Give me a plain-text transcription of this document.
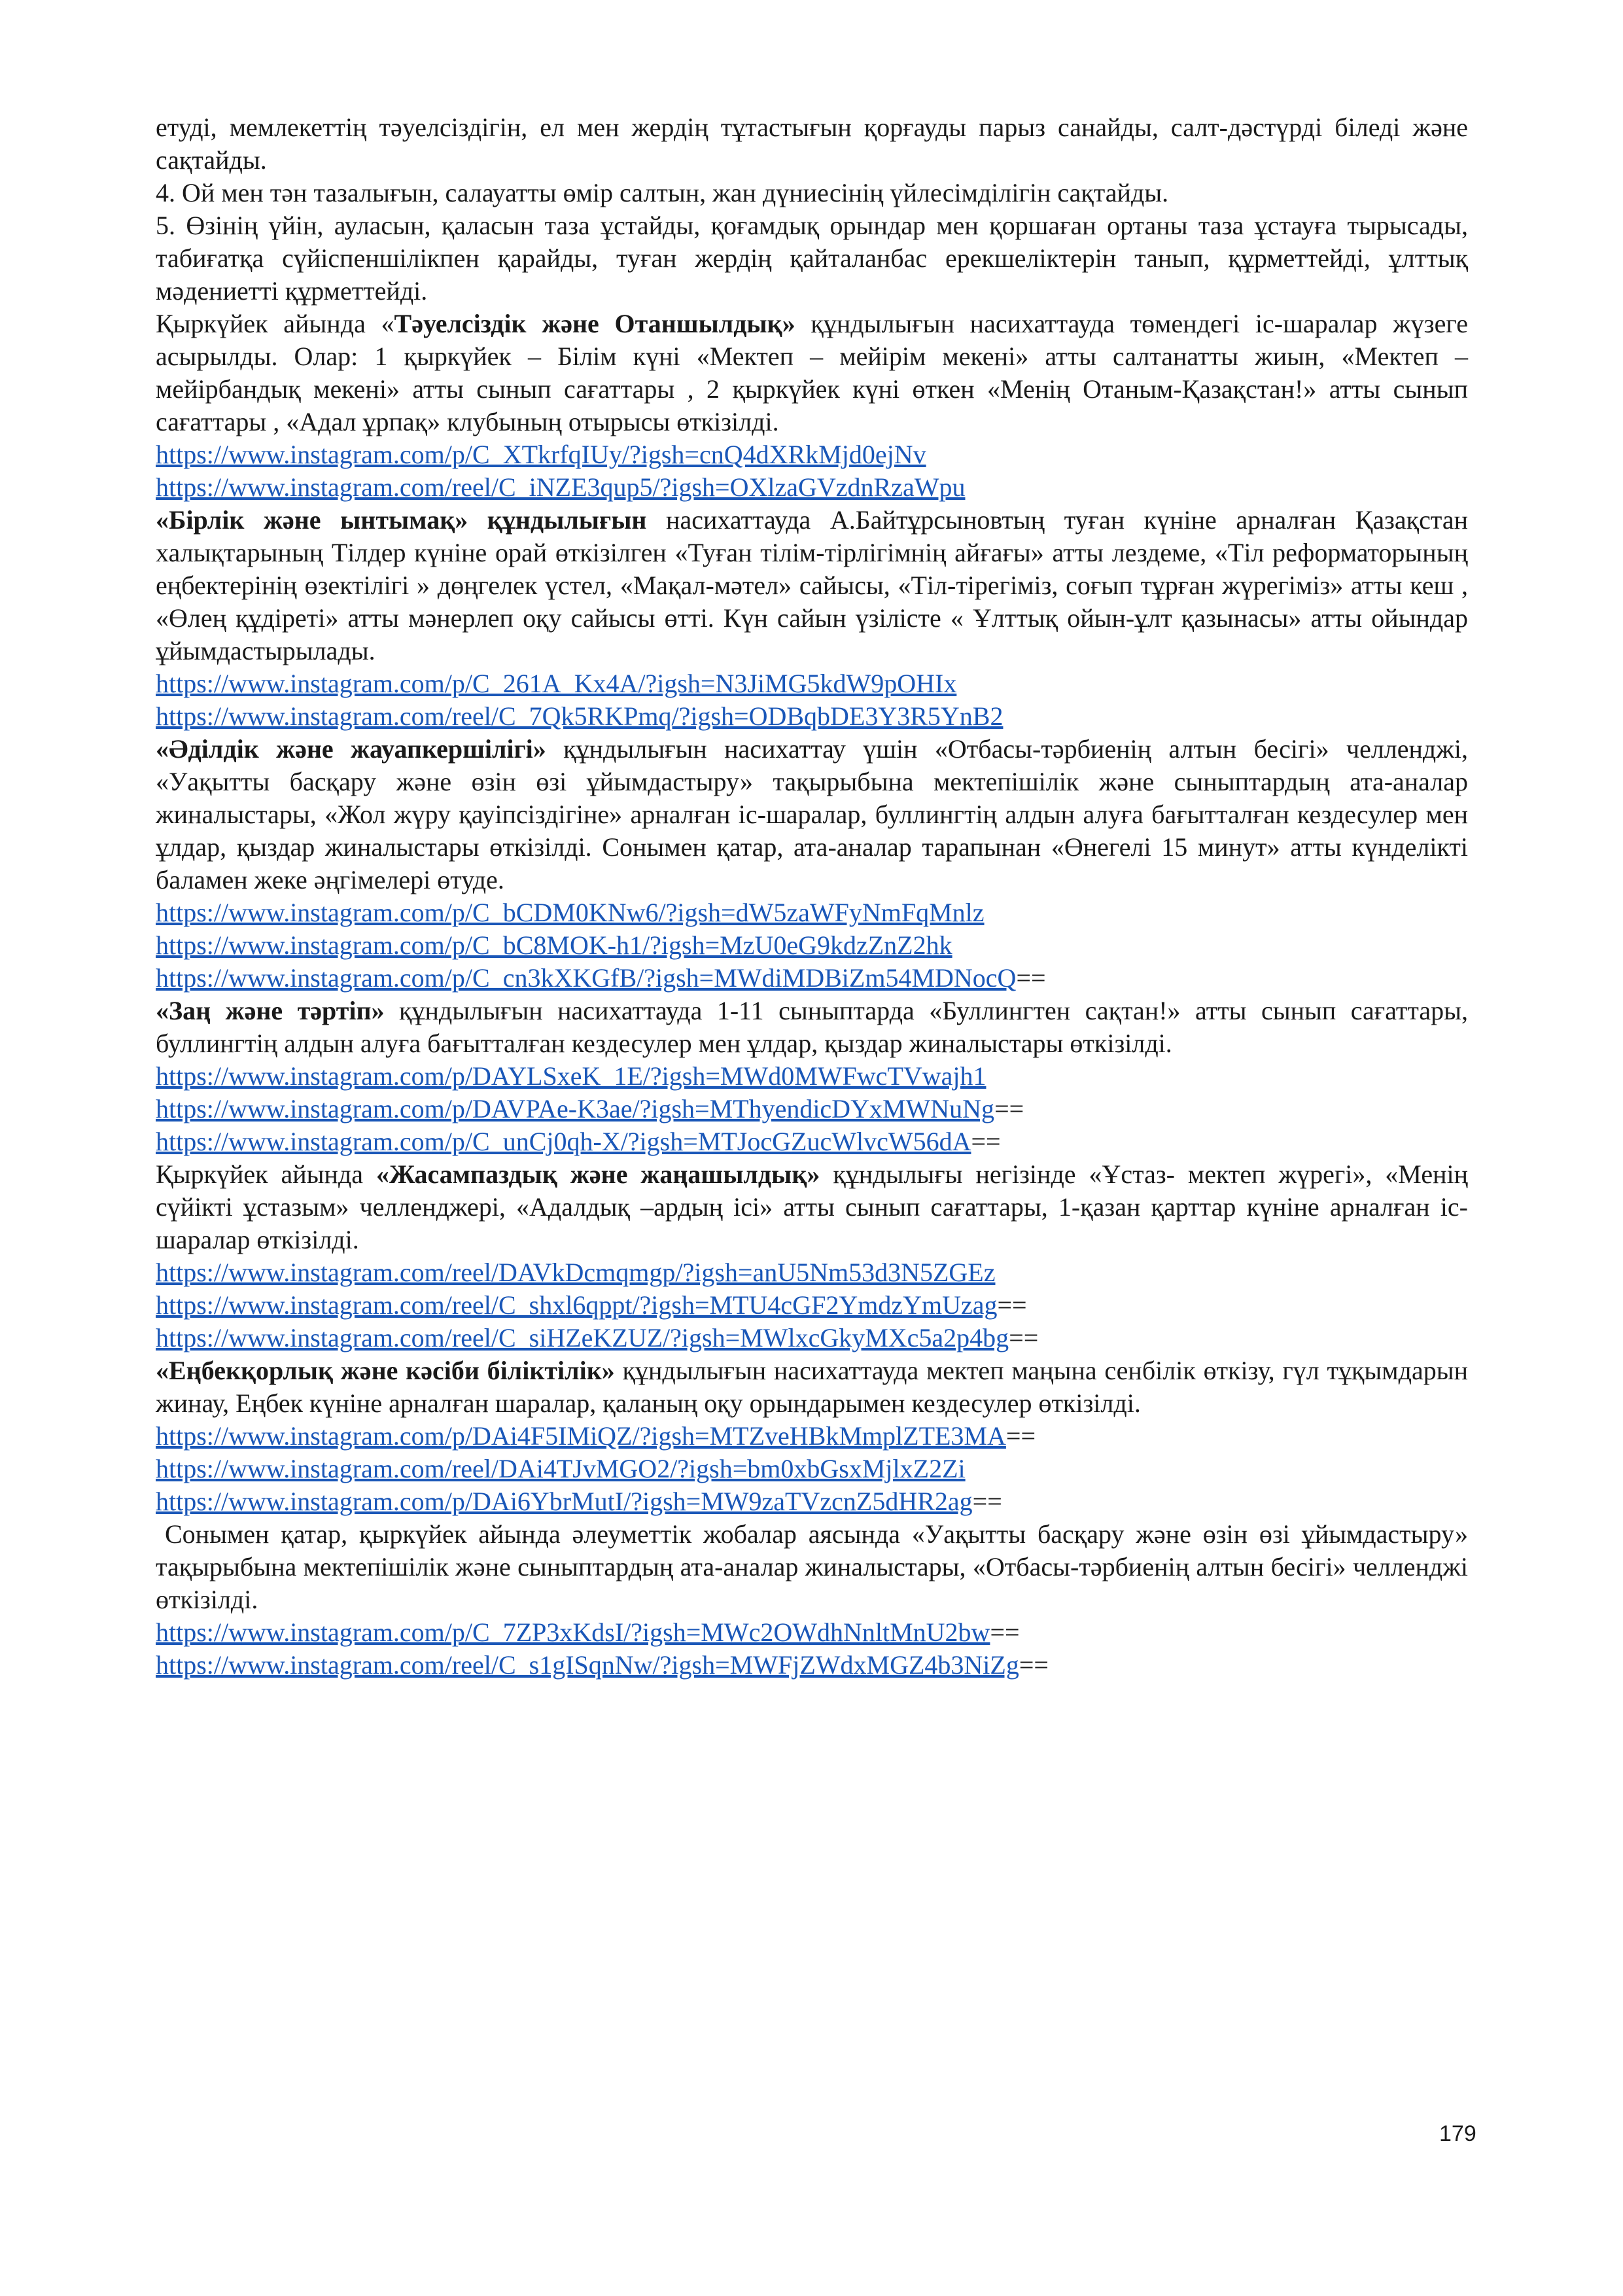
етуді, мемлекеттің тәуелсіздігін, ел мен жердің тұтастығын қорғауды парыз санайды, салт-дәстүрді біледі және сақтайды.

4. Ой мен тән тазалығын, салауатты өмір салтын, жан дүниесінің үйлесімділігін сақтайды.

5. Өзінің үйін, ауласын, қаласын таза ұстайды, қоғамдық орындар мен қоршаған ортаны таза ұстауға тырысады, табиғатқа сүйіспеншілікпен қарайды, туған жердің қайталанбас ерекшеліктерін танып, құрметтейді, ұлттық мәдениетті құрметтейді.

Қыркүйек айында «Тәуелсіздік және Отаншылдық» құндылығын насихаттауда төмендегі іс-шаралар жүзеге асырылды. Олар: 1 қыркүйек – Білім күні «Мектеп – мейірім мекені» атты салтанатты жиын, «Мектеп – мейірбандық мекені» атты сынып сағаттары , 2 қыркүйек күні өткен «Менің Отаным-Қазақстан!» атты сынып сағаттары , «Адал ұрпақ» клубының отырысы өткізілді.

https://www.instagram.com/p/C_XTkrfqIUy/?igsh=cnQ4dXRkMjd0ejNv
https://www.instagram.com/reel/C_iNZE3qup5/?igsh=OXlzaGVzdnRzaWpu

«Бірлік және ынтымақ» құндылығын насихаттауда А.Байтұрсыновтың туған күніне арналған Қазақстан халықтарының Тілдер күніне орай өткізілген «Туған тілім-тірлігімнің айғағы» атты лездеме, «Тіл реформаторының еңбектерінің өзектілігі » дөңгелек үстел, «Мақал-мәтел» сайысы, «Тіл-тірегіміз, соғып тұрған жүрегіміз» атты кеш , «Өлең құдіреті» атты мәнерлеп оқу сайысы өтті. Күн сайын үзілісте « Ұлттық ойын-ұлт қазынасы» атты ойындар ұйымдастырылады.

https://www.instagram.com/p/C_261A_Kx4A/?igsh=N3JiMG5kdW9pOHIx
https://www.instagram.com/reel/C_7Qk5RKPmq/?igsh=ODBqbDE3Y3R5YnB2

«Әділдік және жауапкершілігі» құндылығын насихаттау үшін «Отбасы-тәрбиенің алтын бесігі» челленджі, «Уақытты басқару және өзін өзі ұйымдастыру» тақырыбына мектепішілік және сыныптардың ата-аналар жиналыстары, «Жол жүру қауіпсіздігіне» арналған іс-шаралар, буллингтің алдын алуға бағытталған кездесулер мен ұлдар, қыздар жиналыстары өткізілді. Сонымен қатар, ата-аналар тарапынан «Өнегелі 15 минут» атты күнделікті баламен жеке әңгімелері өтуде.

https://www.instagram.com/p/C_bCDM0KNw6/?igsh=dW5zaWFyNmFqMnlz
https://www.instagram.com/p/C_bC8MOK-h1/?igsh=MzU0eG9kdzZnZ2hk
https://www.instagram.com/p/C_cn3kXKGfB/?igsh=MWdiMDBiZm54MDNocQ==

«Заң және тәртіп» құндылығын насихаттауда 1-11 сыныптарда «Буллингтен сақтан!» атты сынып сағаттары, буллингтің алдын алуға бағытталған кездесулер мен ұлдар, қыздар жиналыстары өткізілді.

https://www.instagram.com/p/DAYLSxeK_1E/?igsh=MWd0MWFwcTVwajh1
https://www.instagram.com/p/DAVPAe-K3ae/?igsh=MThyendicDYxMWNuNg==
https://www.instagram.com/p/C_unCj0qh-X/?igsh=MTJocGZucWlvcW56dA==

Қыркүйек айында «Жасампаздық және жаңашылдық» құндылығы негізінде «Ұстаз- мектеп жүрегі», «Менің сүйікті ұстазым» челленджері, «Адалдық –ардың ісі» атты сынып сағаттары, 1-қазан қарттар күніне арналған іс-шаралар өткізілді.

https://www.instagram.com/reel/DAVkDcmqmgp/?igsh=anU5Nm53d3N5ZGEz
https://www.instagram.com/reel/C_shxl6qppt/?igsh=MTU4cGF2YmdzYmUzag==
https://www.instagram.com/reel/C_siHZeKZUZ/?igsh=MWlxcGkyMXc5a2p4bg==

«Еңбекқорлық және кәсіби біліктілік» құндылығын насихаттауда мектеп маңына сенбілік өткізу, гүл тұқымдарын жинау, Еңбек күніне арналған шаралар, қаланың оқу орындарымен кездесулер өткізілді.

https://www.instagram.com/p/DAi4F5IMiQZ/?igsh=MTZveHBkMmplZTE3MA==
https://www.instagram.com/reel/DAi4TJvMGO2/?igsh=bm0xbGsxMjlxZ2Zi
https://www.instagram.com/p/DAi6YbrMutI/?igsh=MW9zaTVzcnZ5dHR2ag==

Сонымен қатар, қыркүйек айында әлеуметтік жобалар аясында «Уақытты басқару және өзін өзі ұйымдастыру» тақырыбына мектепішілік және сыныптардың ата-аналар жиналыстары, «Отбасы-тәрбиенің алтын бесігі» челленджі өткізілді.

https://www.instagram.com/p/C_7ZP3xKdsI/?igsh=MWc2OWdhNnltMnU2bw==
https://www.instagram.com/reel/C_s1gISqnNw/?igsh=MWFjZWdxMGZ4b3NiZg==
179
